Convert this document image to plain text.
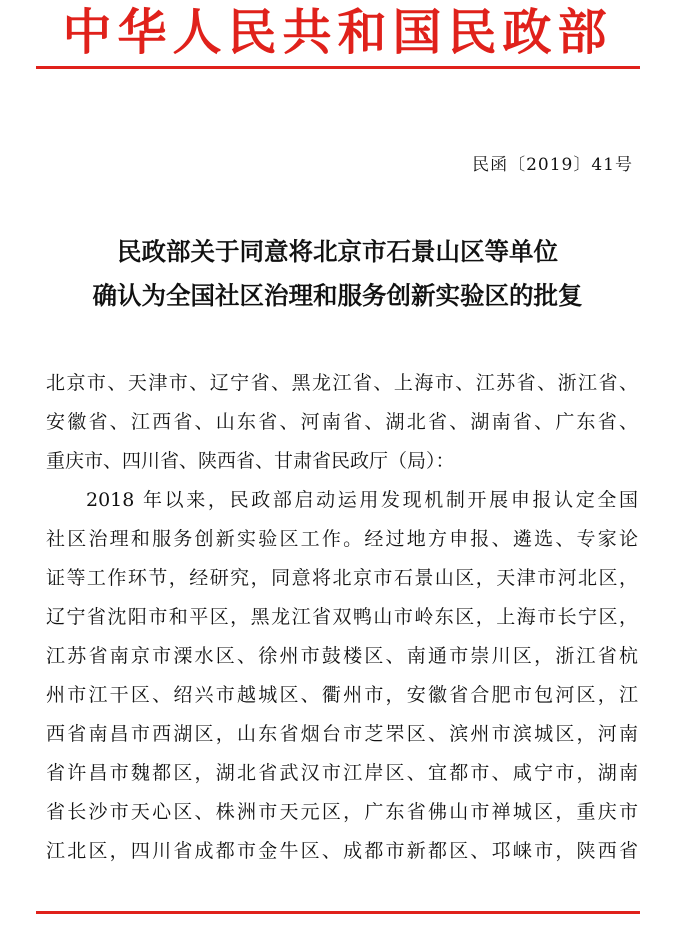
中华人民共和国民政部
民函〔2019〕41号
民政部关于同意将北京市石景山区等单位
确认为全国社区治理和服务创新实验区的批复
北京市、天津市、辽宁省、黑龙江省、上海市、江苏省、浙江省、
安徽省、江西省、山东省、河南省、湖北省、湖南省、广东省、
重庆市、四川省、陕西省、甘肃省民政厅（局）：
2018 年以来，民政部启动运用发现机制开展申报认定全国
社区治理和服务创新实验区工作。经过地方申报、遴选、专家论
证等工作环节，经研究，同意将北京市石景山区，天津市河北区，
辽宁省沈阳市和平区，黑龙江省双鸭山市岭东区，上海市长宁区，
江苏省南京市溧水区、徐州市鼓楼区、南通市崇川区，浙江省杭
州市江干区、绍兴市越城区、衢州市，安徽省合肥市包河区，江
西省南昌市西湖区，山东省烟台市芝罘区、滨州市滨城区，河南
省许昌市魏都区，湖北省武汉市江岸区、宜都市、咸宁市，湖南
省长沙市天心区、株洲市天元区，广东省佛山市禅城区，重庆市
江北区，四川省成都市金牛区、成都市新都区、邛崃市，陕西省
